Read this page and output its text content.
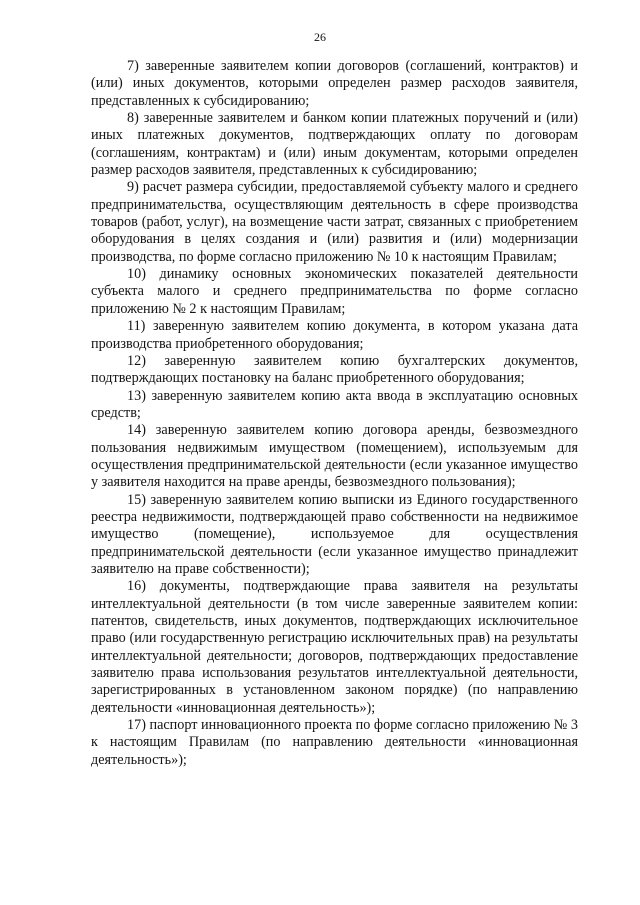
26

7) заверенные заявителем копии договоров (соглашений, контрактов) и (или) иных документов, которыми определен размер расходов заявителя, представленных к субсидированию;

8) заверенные заявителем и банком копии платежных поручений и (или) иных платежных документов, подтверждающих оплату по договорам (соглашениям, контрактам) и (или) иным документам, которыми определен размер расходов заявителя, представленных к субсидированию;

9) расчет размера субсидии, предоставляемой субъекту малого и среднего предпринимательства, осуществляющим деятельность в сфере производства товаров (работ, услуг), на возмещение части затрат, связанных с приобретением оборудования в целях создания и (или) развития и (или) модернизации производства, по форме согласно приложению № 10 к настоящим Правилам;

10) динамику основных экономических показателей деятельности субъекта малого и среднего предпринимательства по форме согласно приложению № 2 к настоящим Правилам;

11) заверенную заявителем копию документа, в котором указана дата производства приобретенного оборудования;

12) заверенную заявителем копию бухгалтерских документов, подтверждающих постановку на баланс приобретенного оборудования;

13) заверенную заявителем копию акта ввода в эксплуатацию основных средств;

14) заверенную заявителем копию договора аренды, безвозмездного пользования недвижимым имуществом (помещением), используемым для осуществления предпринимательской деятельности (если указанное имущество у заявителя находится на праве аренды, безвозмездного пользования);

15) заверенную заявителем копию выписки из Единого государственного реестра недвижимости, подтверждающей право собственности на недвижимое имущество (помещение), используемое для осуществления предпринимательской деятельности (если указанное имущество принадлежит заявителю на праве собственности);

16) документы, подтверждающие права заявителя на результаты интеллектуальной деятельности (в том числе заверенные заявителем копии: патентов, свидетельств, иных документов, подтверждающих исключительное право (или государственную регистрацию исключительных прав) на результаты интеллектуальной деятельности; договоров, подтверждающих предоставление заявителю права использования результатов интеллектуальной деятельности, зарегистрированных в установленном законом порядке) (по направлению деятельности «инновационная деятельность»);

17) паспорт инновационного проекта по форме согласно приложению № 3 к настоящим Правилам (по направлению деятельности «инновационная деятельность»);
